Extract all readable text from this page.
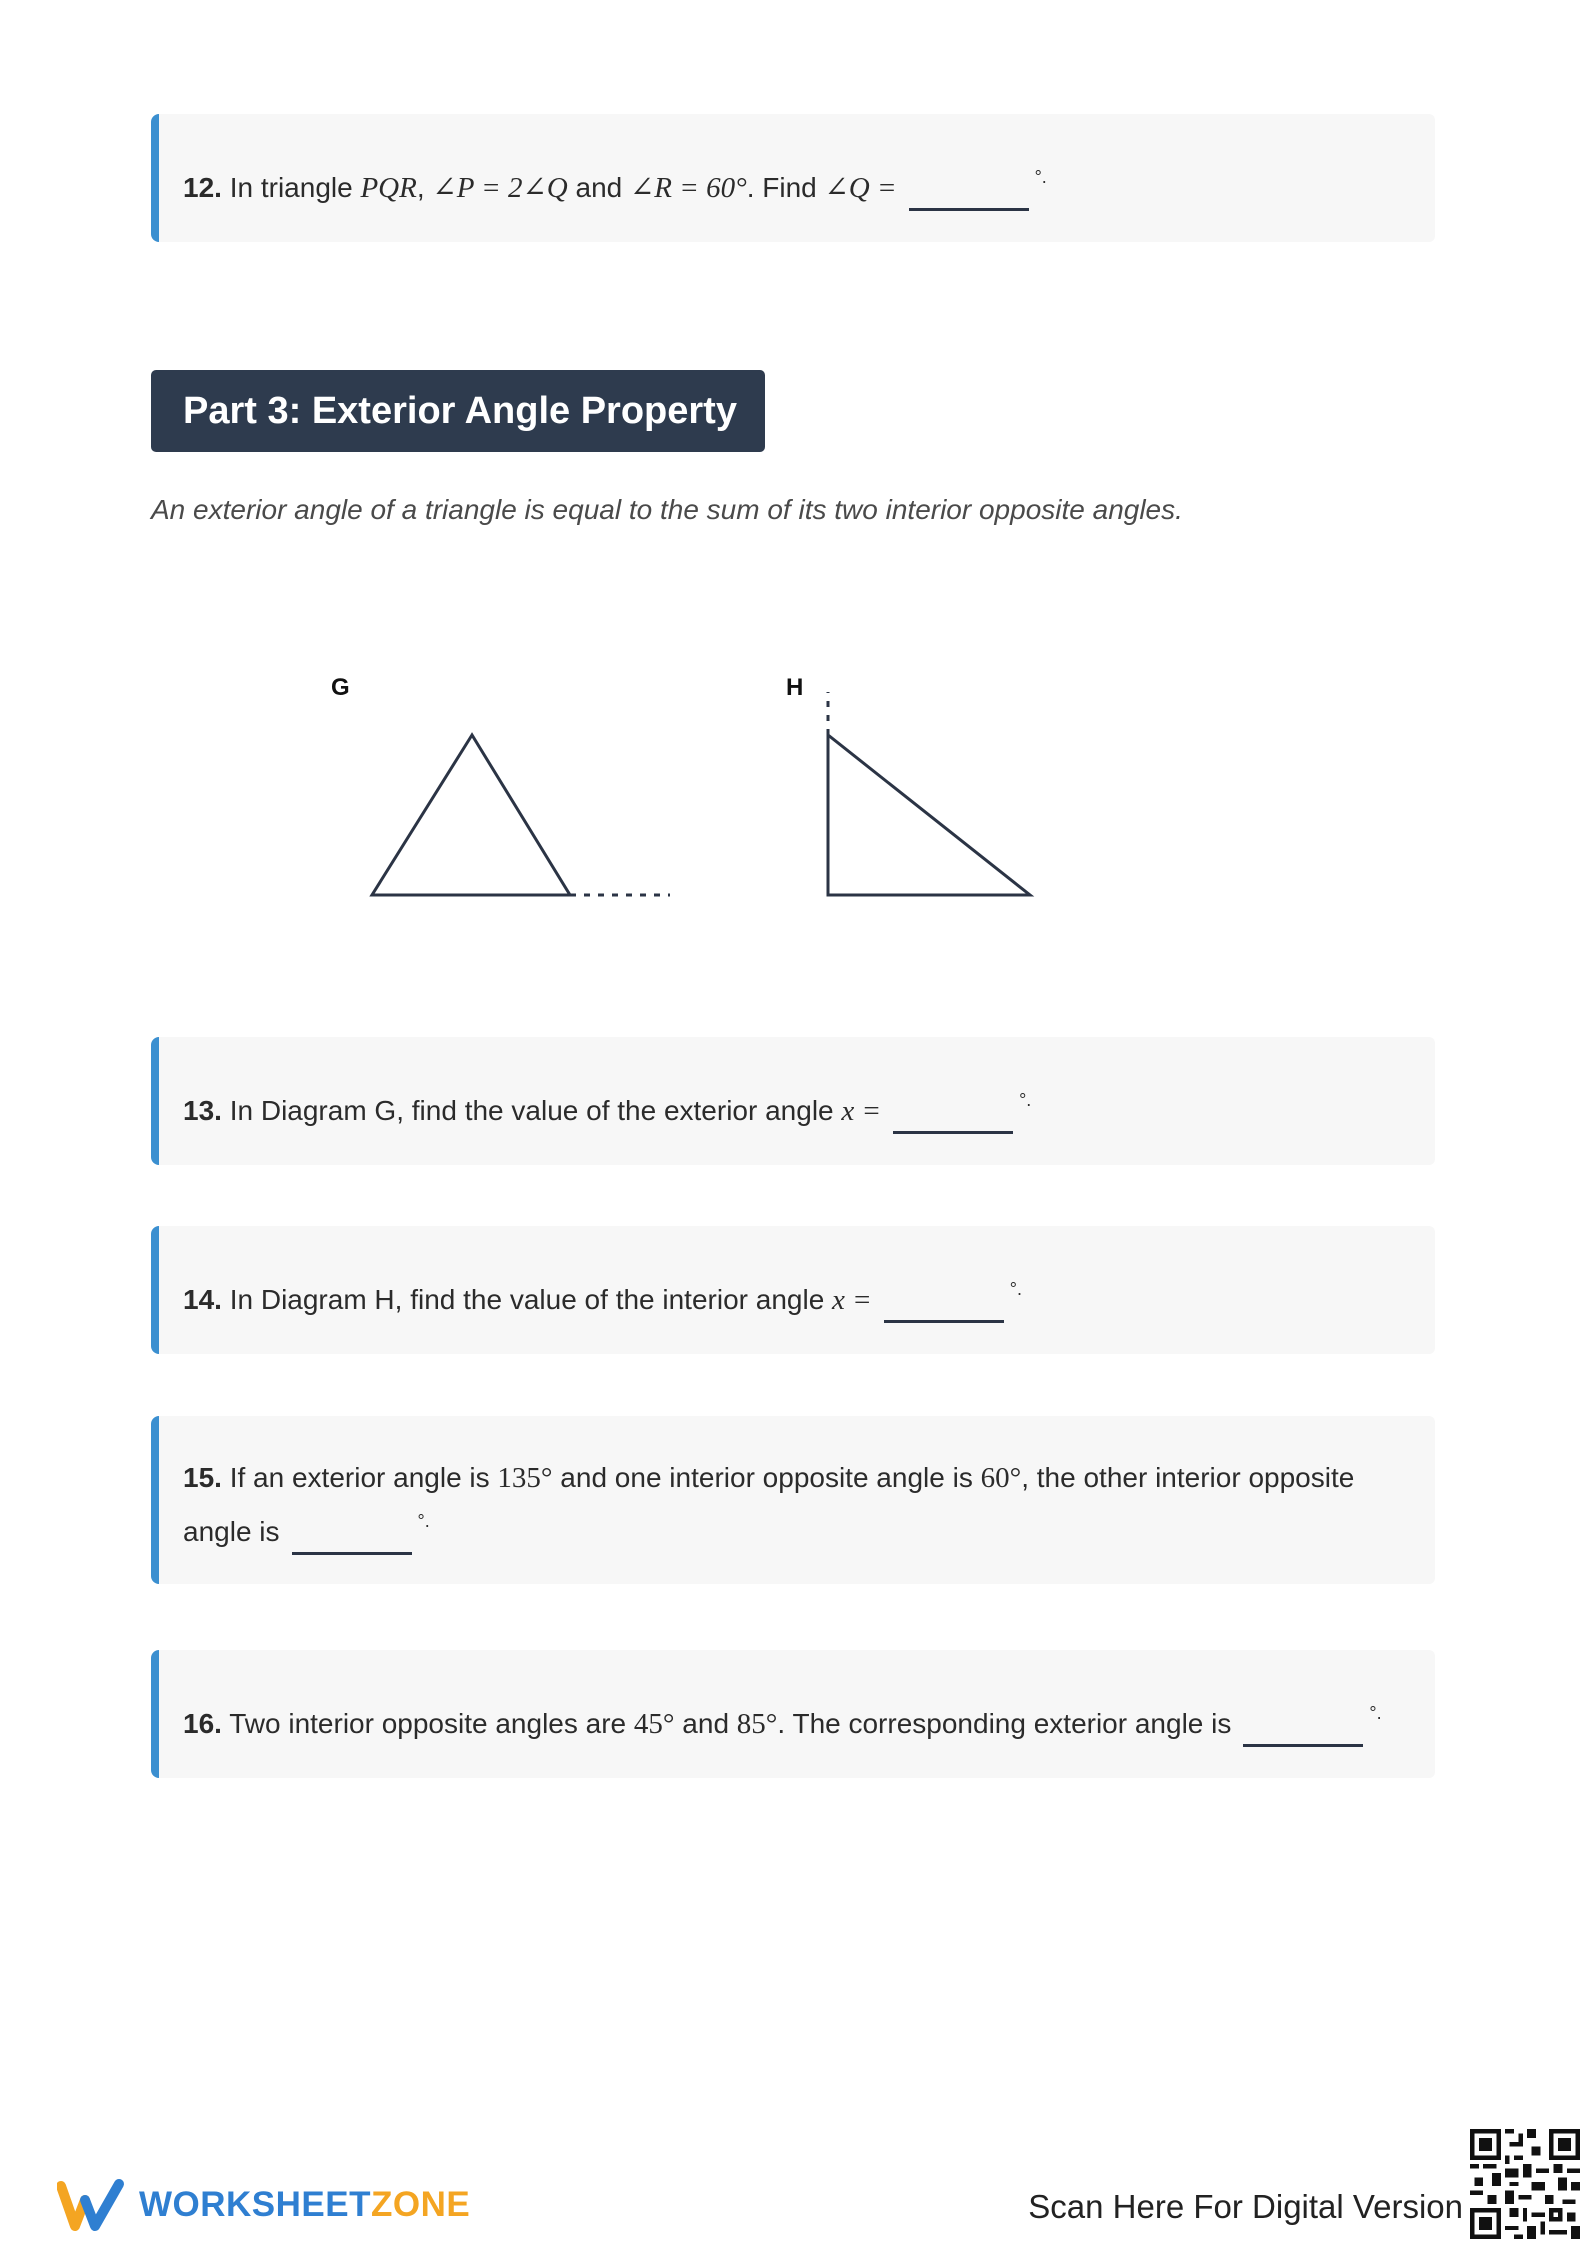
12. In triangle PQR, ∠P = 2∠Q and ∠R = 60°. Find ∠Q =	°.
Part 3: Exterior Angle Property
An exterior angle of a triangle is equal to the sum of its two interior opposite angles.
G	H
13. In Diagram G, find the value of the exterior angle x =	°.
14. In Diagram H, find the value of the interior angle x =	°.
15. If an exterior angle is 135° and one interior opposite angle is 60°, the other interior opposite angle is	°.
16. Two interior opposite angles are 45° and 85°. The corresponding exterior angle is	°.
WORKSHEETZONE	Scan Here For Digital Version
